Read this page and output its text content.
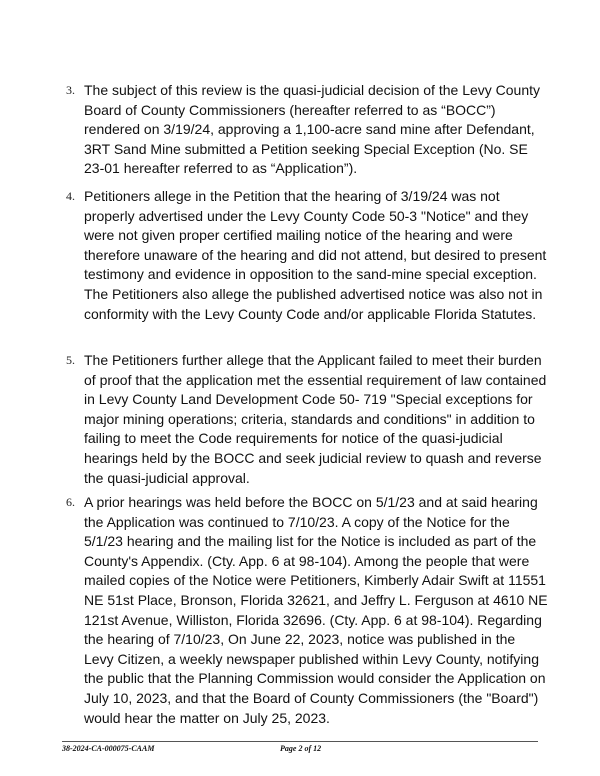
3. The subject of this review is the quasi-judicial decision of the Levy County Board of County Commissioners (hereafter referred to as “BOCC”) rendered on 3/19/24, approving a 1,100-acre sand mine after Defendant, 3RT Sand Mine submitted a Petition seeking Special Exception (No. SE 23-01 hereafter referred to as “Application”).
4. Petitioners allege in the Petition that the hearing of 3/19/24 was not properly advertised under the Levy County Code 50-3 "Notice" and they were not given proper certified mailing notice of the hearing and were therefore unaware of the hearing and did not attend, but desired to present testimony and evidence in opposition to the sand-mine special exception. The Petitioners also allege the published advertised notice was also not in conformity with the Levy County Code and/or applicable Florida Statutes.
5. The Petitioners further allege that the Applicant failed to meet their burden of proof that the application met the essential requirement of law contained in Levy County Land Development Code 50- 719 "Special exceptions for major mining operations; criteria, standards and conditions" in addition to failing to meet the Code requirements for notice of the quasi-judicial hearings held by the BOCC and seek judicial review to quash and reverse the quasi-judicial approval.
6. A prior hearings was held before the BOCC on 5/1/23 and at said hearing the Application was continued to 7/10/23. A copy of the Notice for the 5/1/23 hearing and the mailing list for the Notice is included as part of the County's Appendix. (Cty. App. 6 at 98-104). Among the people that were mailed copies of the Notice were Petitioners, Kimberly Adair Swift at 11551 NE 51st Place, Bronson, Florida 32621, and Jeffry L. Ferguson at 4610 NE 121st Avenue, Williston, Florida 32696. (Cty. App. 6 at 98-104). Regarding the hearing of 7/10/23, On June 22, 2023, notice was published in the Levy Citizen, a weekly newspaper published within Levy County, notifying the public that the Planning Commission would consider the Application on July 10, 2023, and that the Board of County Commissioners (the "Board") would hear the matter on July 25, 2023.
38-2024-CA-000075-CAAM	Page 2 of 12
